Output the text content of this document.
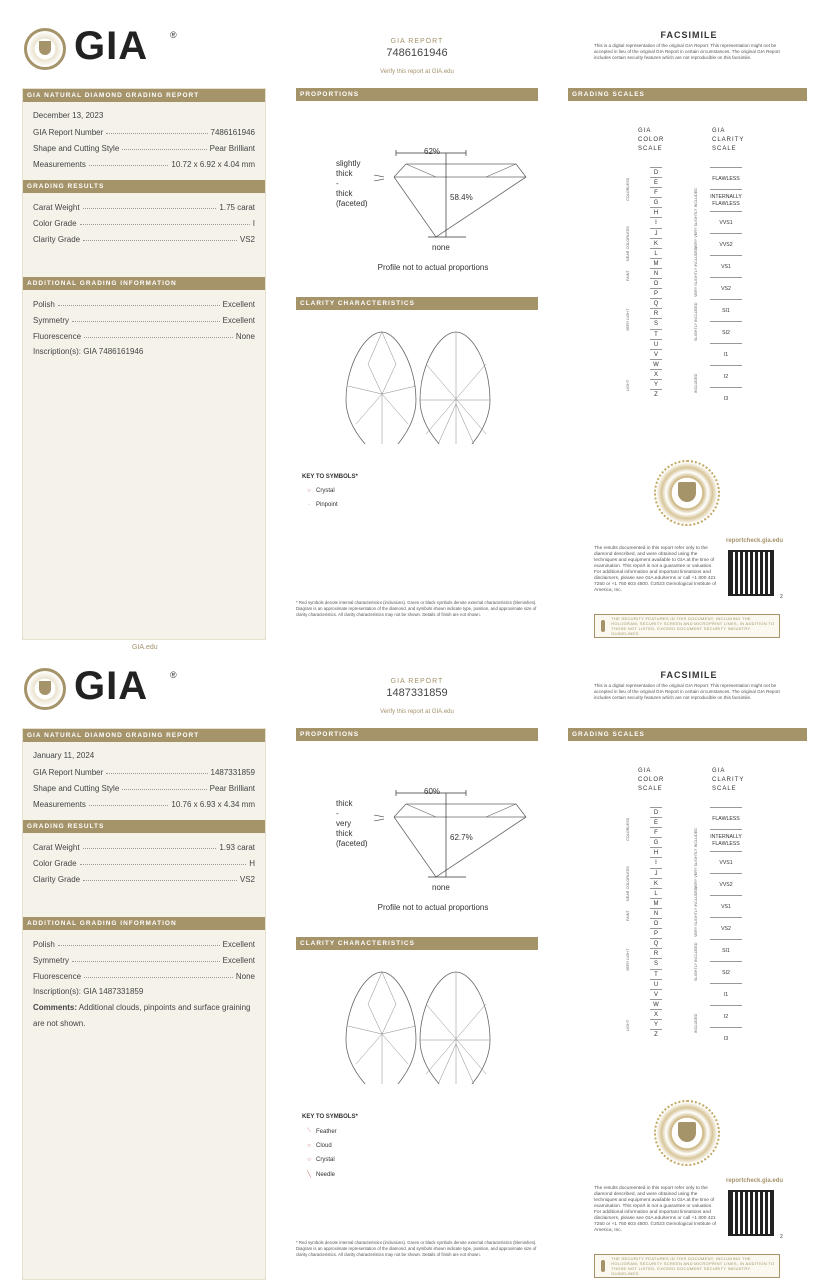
GIA ®
GIA REPORT
7486161946
Verify this report at GIA.edu
FACSIMILE
This is a digital representation of the original GIA Report. This representation might not be accepted in lieu of the original GIA Report in certain circumstances. The original GIA Report includes certain security features which are not reproducible on this facsimile.
GIA NATURAL DIAMOND GRADING REPORT
December 13, 2023
GIA Report Number	7486161946
Shape and Cutting Style	Pear Brilliant
Measurements	10.72 x 6.92 x 4.04 mm
GRADING RESULTS
Carat Weight	1.75 carat
Color Grade	I
Clarity Grade	VS2
ADDITIONAL GRADING INFORMATION
Polish	Excellent
Symmetry	Excellent
Fluorescence	None
Inscription(s): GIA 7486161946
PROPORTIONS
slightly
thick
-
thick
(faceted)
62%
58.4%
none
Profile not to actual proportions
CLARITY CHARACTERISTICS
KEY TO SYMBOLS*
○ Crystal
·	Pinpoint
* Red symbols denote internal characteristics (inclusions). Green or black symbols denote external characteristics (blemishes). Diagram is an approximate representation of the diamond, and symbols shown indicate type, position, and approximate size of clarity characteristics. All clarity characteristics may not be shown. Details of finish are not shown.
GRADING SCALES
GIA
COLOR
SCALE
GIA
CLARITY
SCALE
D
E
F
G
H
I
J
K
L
M
N
O
P
Q
R
S
T
U
V
W
X
Y
Z
FLAWLESS
INTERNALLY FLAWLESS
VVS1
VVS2
VS1
VS2
SI1
SI2
I1
I2
I3
COLORLESS
NEAR COLORLESS
FAINT
VERY LIGHT
LIGHT
VERY VERY SLIGHTLY INCLUDED
VERY SLIGHTLY INCLUDED
SLIGHTLY INCLUDED
INCLUDED
reportcheck.gia.edu
The results documented in this report refer only to the diamond described, and were obtained using the techniques and equipment available to GIA at the time of examination. This report is not a guarantee or valuation. For additional information and important limitations and disclaimers, please see GIA.edu/terms or call +1 800 421 7250 or +1 760 603 4500. ©2023 Gemological Institute of America, Inc.
2
THE SECURITY FEATURES IN THIS DOCUMENT, INCLUDING THE HOLOGRAM, SECURITY SCREEN AND MICROPRINT LINES, IN ADDITION TO THOSE NOT LISTED, EXCEED DOCUMENT SECURITY INDUSTRY GUIDELINES.
GIA.edu
GIA ®
GIA REPORT
1487331859
Verify this report at GIA.edu
FACSIMILE
This is a digital representation of the original GIA Report. This representation might not be accepted in lieu of the original GIA Report in certain circumstances. The original GIA Report includes certain security features which are not reproducible on this facsimile.
GIA NATURAL DIAMOND GRADING REPORT
January 11, 2024
GIA Report Number	1487331859
Shape and Cutting Style	Pear Brilliant
Measurements	10.76 x 6.93 x 4.34 mm
GRADING RESULTS
Carat Weight	1.93 carat
Color Grade	H
Clarity Grade	VS2
ADDITIONAL GRADING INFORMATION
Polish	Excellent
Symmetry	Excellent
Fluorescence	None
Inscription(s): GIA 1487331859
Comments: Additional clouds, pinpoints and surface graining are not shown.
PROPORTIONS
thick
-
very
thick
(faceted)
60%
62.7%
none
Profile not to actual proportions
CLARITY CHARACTERISTICS
KEY TO SYMBOLS*
⟍ Feather
○ Cloud
○ Crystal
╲ Needle
* Red symbols denote internal characteristics (inclusions). Green or black symbols denote external characteristics (blemishes). Diagram is an approximate representation of the diamond, and symbols shown indicate type, position, and approximate size of clarity characteristics. All clarity characteristics may not be shown. Details of finish are not shown.
GRADING SCALES
GIA
COLOR
SCALE
GIA
CLARITY
SCALE
D
E
F
G
H
I
J
K
L
M
N
O
P
Q
R
S
T
U
V
W
X
Y
Z
FLAWLESS
INTERNALLY FLAWLESS
VVS1
VVS2
VS1
VS2
SI1
SI2
I1
I2
I3
COLORLESS
NEAR COLORLESS
FAINT
VERY LIGHT
LIGHT
VERY VERY SLIGHTLY INCLUDED
VERY SLIGHTLY INCLUDED
SLIGHTLY INCLUDED
INCLUDED
reportcheck.gia.edu
The results documented in this report refer only to the diamond described, and were obtained using the techniques and equipment available to GIA at the time of examination. This report is not a guarantee or valuation. For additional information and important limitations and disclaimers, please see GIA.edu/terms or call +1 800 421 7250 or +1 760 603 4500. ©2023 Gemological Institute of America, Inc.
2
THE SECURITY FEATURES IN THIS DOCUMENT, INCLUDING THE HOLOGRAM, SECURITY SCREEN AND MICROPRINT LINES, IN ADDITION TO THOSE NOT LISTED, EXCEED DOCUMENT SECURITY INDUSTRY GUIDELINES.
